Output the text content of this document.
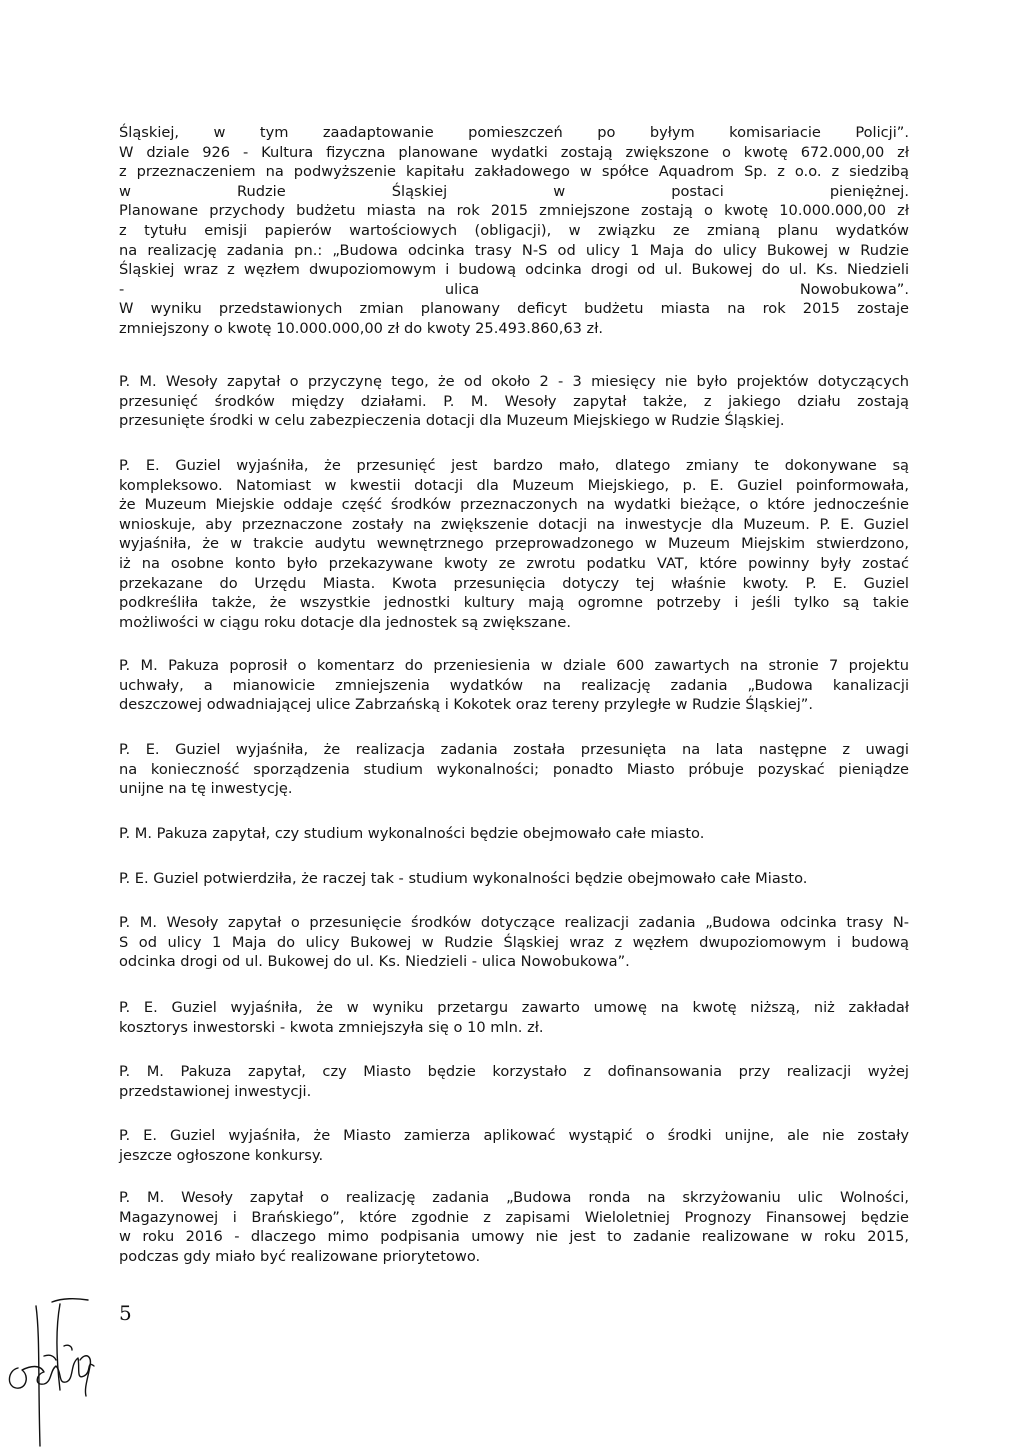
Śląskiej, w tym zaadaptowanie pomieszczeń po byłym komisariacie Policji”.
W dziale 926 - Kultura fizyczna planowane wydatki zostają zwiększone o kwotę 672.000,00 zł
z przeznaczeniem na podwyższenie kapitału zakładowego w spółce Aquadrom Sp. z o.o. z siedzibą
w Rudzie Śląskiej w postaci pieniężnej.
Planowane przychody budżetu miasta na rok 2015 zmniejszone zostają o kwotę 10.000.000,00 zł
z tytułu emisji papierów wartościowych (obligacji), w związku ze zmianą planu wydatków
na realizację zadania pn.: „Budowa odcinka trasy N-S od ulicy 1 Maja do ulicy Bukowej w Rudzie
Śląskiej wraz z węzłem dwupoziomowym i budową odcinka drogi od ul. Bukowej do ul. Ks. Niedzieli
- ulica Nowobukowa”.
W wyniku przedstawionych zmian planowany deficyt budżetu miasta na rok 2015 zostaje
zmniejszony o kwotę 10.000.000,00 zł do kwoty 25.493.860,63 zł.
P. M. Wesoły zapytał o przyczynę tego, że od około 2 - 3 miesięcy nie było projektów dotyczących
przesunięć środków między działami. P. M. Wesoły zapytał także, z jakiego działu zostają
przesunięte środki w celu zabezpieczenia dotacji dla Muzeum Miejskiego w Rudzie Śląskiej.
P. E. Guziel wyjaśniła, że przesunięć jest bardzo mało, dlatego zmiany te dokonywane są
kompleksowo. Natomiast w kwestii dotacji dla Muzeum Miejskiego, p. E. Guziel poinformowała,
że Muzeum Miejskie oddaje część środków przeznaczonych na wydatki bieżące, o które jednocześnie
wnioskuje, aby przeznaczone zostały na zwiększenie dotacji na inwestycje dla Muzeum. P. E. Guziel
wyjaśniła, że w trakcie audytu wewnętrznego przeprowadzonego w Muzeum Miejskim stwierdzono,
iż na osobne konto było przekazywane kwoty ze zwrotu podatku VAT, które powinny były zostać
przekazane do Urzędu Miasta. Kwota przesunięcia dotyczy tej właśnie kwoty. P. E. Guziel
podkreśliła także, że wszystkie jednostki kultury mają ogromne potrzeby i jeśli tylko są takie
możliwości w ciągu roku dotacje dla jednostek są zwiększane.
P. M. Pakuza poprosił o komentarz do przeniesienia w dziale 600 zawartych na stronie 7 projektu
uchwały, a mianowicie zmniejszenia wydatków na realizację zadania „Budowa kanalizacji
deszczowej odwadniającej ulice Zabrzańską i Kokotek oraz tereny przyległe w Rudzie Śląskiej”.
P. E. Guziel wyjaśniła, że realizacja zadania została przesunięta na lata następne z uwagi
na konieczność sporządzenia studium wykonalności; ponadto Miasto próbuje pozyskać pieniądze
unijne na tę inwestycję.
P. M. Pakuza zapytał, czy studium wykonalności będzie obejmowało całe miasto.
P. E. Guziel potwierdziła, że raczej tak - studium wykonalności będzie obejmowało całe Miasto.
P. M. Wesoły zapytał o przesunięcie środków dotyczące realizacji zadania „Budowa odcinka trasy N-
S od ulicy 1 Maja do ulicy Bukowej w Rudzie Śląskiej wraz z węzłem dwupoziomowym i budową
odcinka drogi od ul. Bukowej do ul. Ks. Niedzieli - ulica Nowobukowa”.
P. E. Guziel wyjaśniła, że w wyniku przetargu zawarto umowę na kwotę niższą, niż zakładał
kosztorys inwestorski - kwota zmniejszyła się o 10 mln. zł.
P. M. Pakuza zapytał, czy Miasto będzie korzystało z dofinansowania przy realizacji wyżej
przedstawionej inwestycji.
P. E. Guziel wyjaśniła, że Miasto zamierza aplikować wystąpić o środki unijne, ale nie zostały
jeszcze ogłoszone konkursy.
P. M. Wesoły zapytał o realizację zadania „Budowa ronda na skrzyżowaniu ulic Wolności,
Magazynowej i Brańskiego”, które zgodnie z zapisami Wieloletniej Prognozy Finansowej będzie
w roku 2016 - dlaczego mimo podpisania umowy nie jest to zadanie realizowane w roku 2015,
podczas gdy miało być realizowane priorytetowo.
5
